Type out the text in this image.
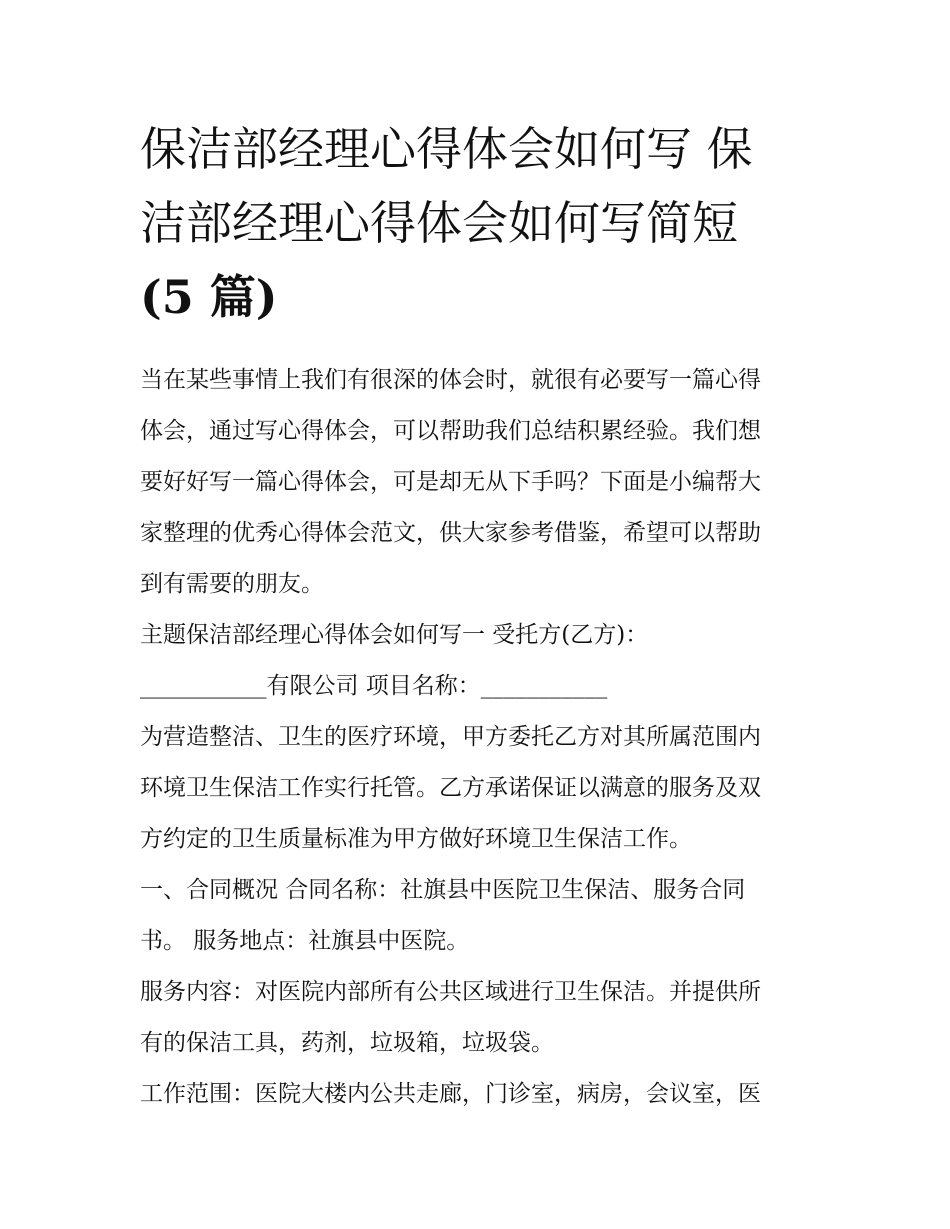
保洁部经理心得体会如何写 保
洁部经理心得体会如何写简短
(5 篇)

当在某些事情上我们有很深的体会时，就很有必要写一篇心得
体会，通过写心得体会，可以帮助我们总结积累经验。我们想
要好好写一篇心得体会，可是却无从下手吗？下面是小编帮大
家整理的优秀心得体会范文，供大家参考借鉴，希望可以帮助
到有需要的朋友。

主题保洁部经理心得体会如何写一 受托方(乙方)：
___________有限公司 项目名称：___________

为营造整洁、卫生的医疗环境，甲方委托乙方对其所属范围内
环境卫生保洁工作实行托管。乙方承诺保证以满意的服务及双
方约定的卫生质量标准为甲方做好环境卫生保洁工作。

一、合同概况 合同名称：社旗县中医院卫生保洁、服务合同
书。 服务地点：社旗县中医院。

服务内容：对医院内部所有公共区域进行卫生保洁。并提供所
有的保洁工具，药剂，垃圾箱，垃圾袋。

工作范围：医院大楼内公共走廊，门诊室，病房，会议室，医
